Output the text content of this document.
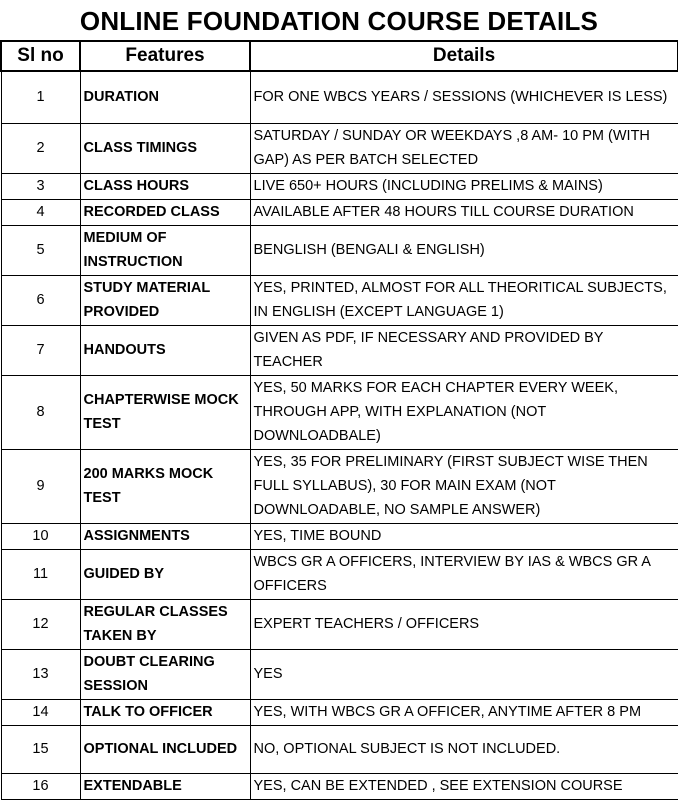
ONLINE FOUNDATION COURSE DETAILS
Sl no	Features	Details
1	DURATION	FOR ONE WBCS YEARS / SESSIONS (WHICHEVER IS LESS)
2	CLASS TIMINGS	SATURDAY / SUNDAY OR WEEKDAYS ,8 AM- 10 PM (WITH GAP) AS PER BATCH SELECTED
3	CLASS HOURS	LIVE 650+ HOURS (INCLUDING PRELIMS & MAINS)
4	RECORDED CLASS	AVAILABLE AFTER 48 HOURS TILL COURSE DURATION
5	MEDIUM OF INSTRUCTION	BENGLISH (BENGALI & ENGLISH)
6	STUDY MATERIAL PROVIDED	YES, PRINTED, ALMOST FOR ALL THEORITICAL SUBJECTS, IN ENGLISH (EXCEPT LANGUAGE 1)
7	HANDOUTS	GIVEN AS PDF, IF NECESSARY AND PROVIDED BY TEACHER
8	CHAPTERWISE MOCK TEST	YES, 50 MARKS FOR EACH CHAPTER EVERY WEEK, THROUGH APP, WITH EXPLANATION (NOT DOWNLOADBALE)
9	200 MARKS MOCK TEST	YES, 35 FOR PRELIMINARY (FIRST SUBJECT WISE THEN FULL SYLLABUS), 30 FOR MAIN EXAM (NOT DOWNLOADABLE, NO SAMPLE ANSWER)
10	ASSIGNMENTS	YES, TIME BOUND
11	GUIDED BY	WBCS GR A OFFICERS, INTERVIEW BY IAS & WBCS GR A OFFICERS
12	REGULAR CLASSES TAKEN BY	EXPERT TEACHERS / OFFICERS
13	DOUBT CLEARING SESSION	YES
14	TALK TO OFFICER	YES, WITH WBCS GR A OFFICER, ANYTIME AFTER 8 PM
15	OPTIONAL INCLUDED	NO, OPTIONAL SUBJECT IS NOT INCLUDED.
16	EXTENDABLE	YES, CAN BE EXTENDED , SEE EXTENSION COURSE
